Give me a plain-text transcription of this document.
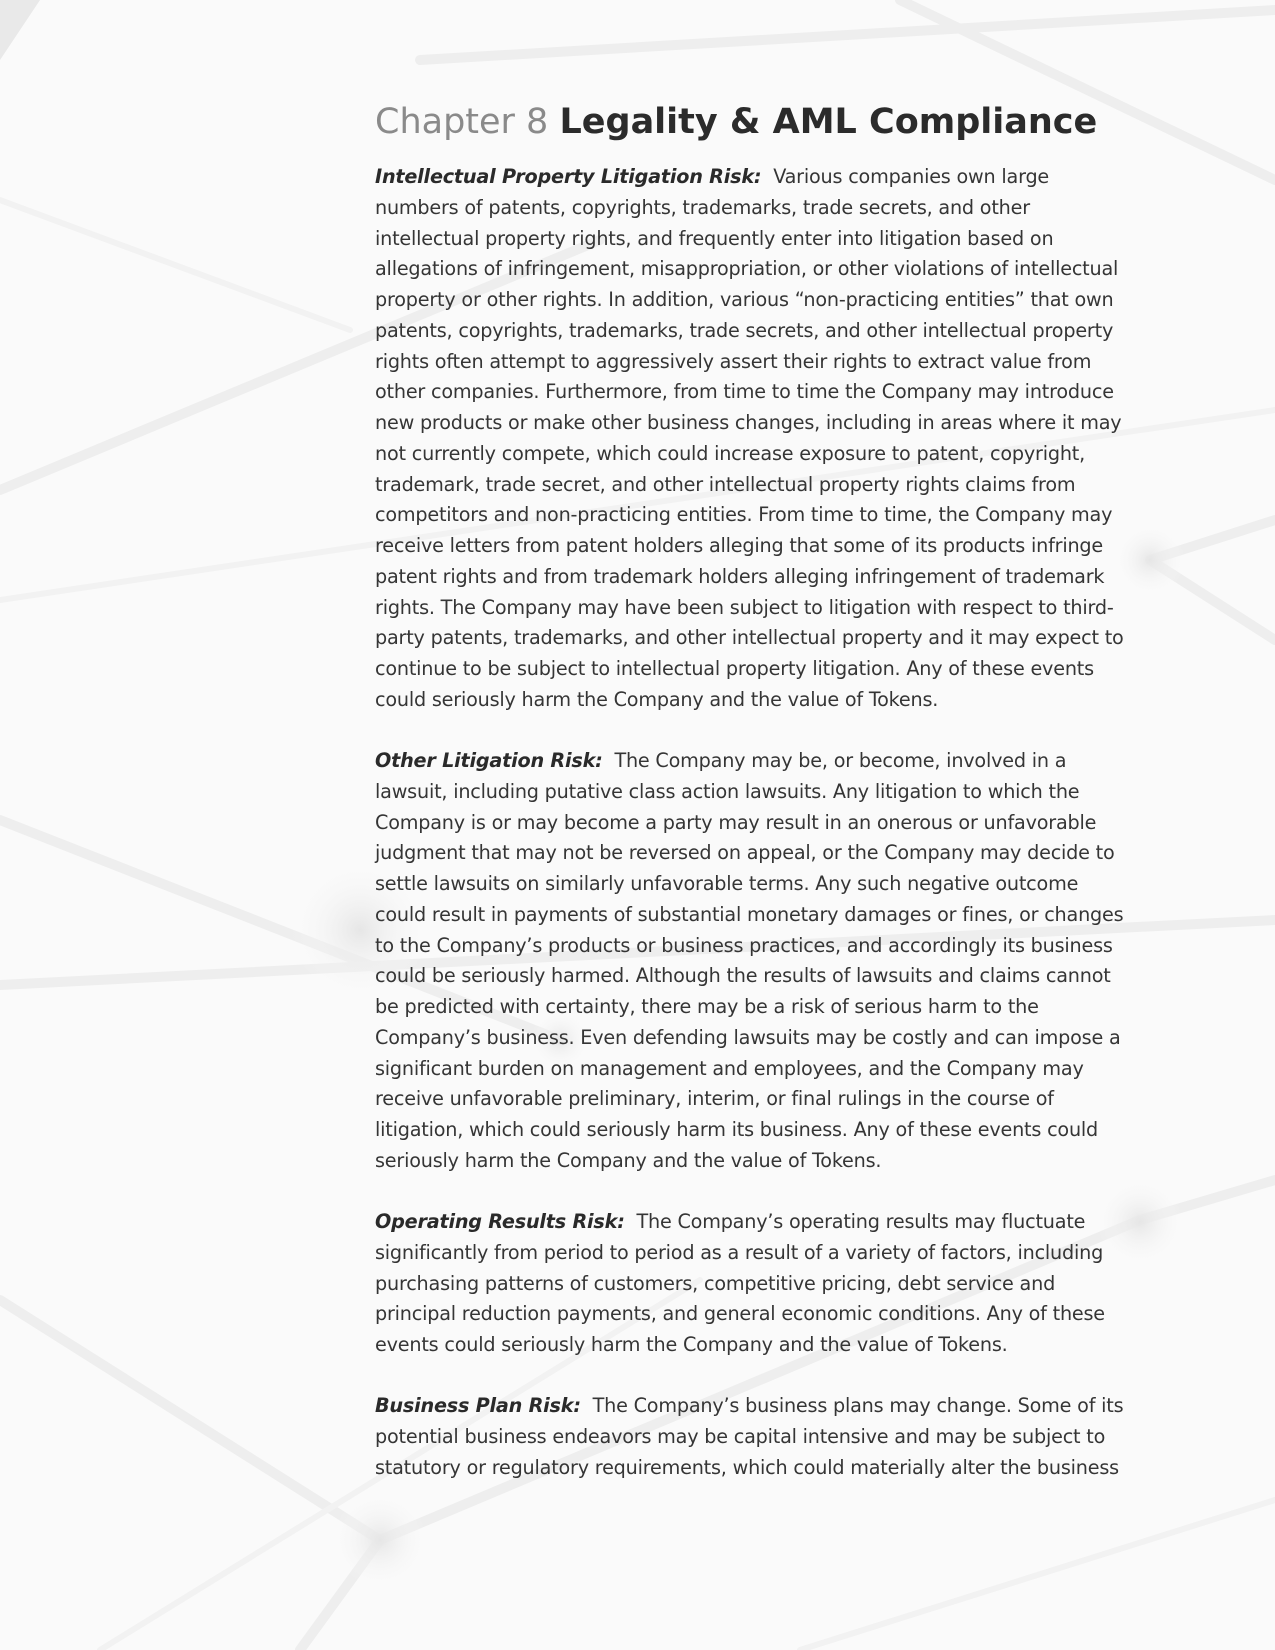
Chapter 8 Legality & AML Compliance

Intellectual Property Litigation Risk: Various companies own large numbers of patents, copyrights, trademarks, trade secrets, and other intellectual property rights, and frequently enter into litigation based on allegations of infringement, misappropriation, or other violations of intellectual property or other rights. In addition, various “non-practicing entities” that own patents, copyrights, trademarks, trade secrets, and other intellectual property rights often attempt to aggressively assert their rights to extract value from other companies. Furthermore, from time to time the Company may introduce new products or make other business changes, including in areas where it may not currently compete, which could increase exposure to patent, copyright, trademark, trade secret, and other intellectual property rights claims from competitors and non-practicing entities. From time to time, the Company may receive letters from patent holders alleging that some of its products infringe patent rights and from trademark holders alleging infringement of trademark rights. The Company may have been subject to litigation with respect to third-party patents, trademarks, and other intellectual property and it may expect to continue to be subject to intellectual property litigation. Any of these events could seriously harm the Company and the value of Tokens.

Other Litigation Risk: The Company may be, or become, involved in a lawsuit, including putative class action lawsuits. Any litigation to which the Company is or may become a party may result in an onerous or unfavorable judgment that may not be reversed on appeal, or the Company may decide to settle lawsuits on similarly unfavorable terms. Any such negative outcome could result in payments of substantial monetary damages or fines, or changes to the Company’s products or business practices, and accordingly its business could be seriously harmed. Although the results of lawsuits and claims cannot be predicted with certainty, there may be a risk of serious harm to the Company’s business. Even defending lawsuits may be costly and can impose a significant burden on management and employees, and the Company may receive unfavorable preliminary, interim, or final rulings in the course of litigation, which could seriously harm its business. Any of these events could seriously harm the Company and the value of Tokens.

Operating Results Risk: The Company’s operating results may fluctuate significantly from period to period as a result of a variety of factors, including purchasing patterns of customers, competitive pricing, debt service and principal reduction payments, and general economic conditions. Any of these events could seriously harm the Company and the value of Tokens.

Business Plan Risk: The Company’s business plans may change. Some of its potential business endeavors may be capital intensive and may be subject to statutory or regulatory requirements, which could materially alter the business
